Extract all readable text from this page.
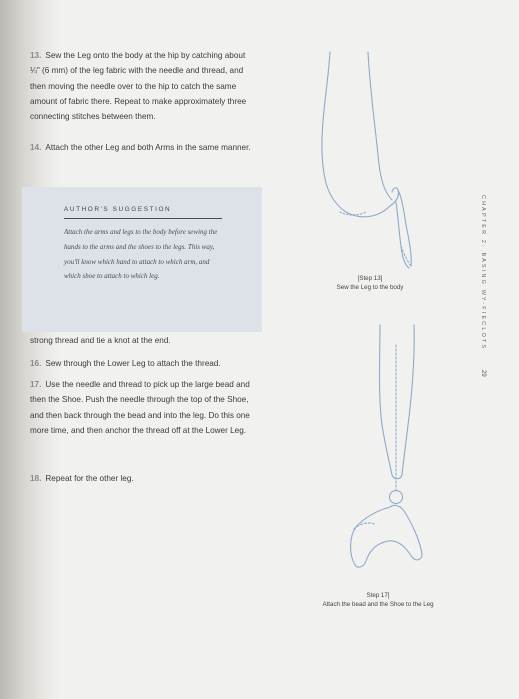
13. Sew the Leg onto the body at the hip by catching about ¼" (6 mm) of the leg fabric with the needle and thread, and then moving the needle over to the hip to catch the same amount of fabric there. Repeat to make approximately three connecting stitches between them.

14. Attach the other Leg and both Arms in the same manner.

strong thread and tie a knot at the end.

16. Sew through the Lower Leg to attach the thread.

17. Use the needle and thread to pick up the large bead and then the Shoe. Push the needle through the top of the Shoe, and then back through the bead and into the leg. Do this one more time, and then anchor the thread off at the Lower Leg.

18. Repeat for the other leg.

AUTHOR'S SUGGESTION
Attach the arms and legs to the body before sewing the hands to the arms and the shoes to the legs. This way, you'll know which hand to attach to which arm, and which shoe to attach to which leg.	[Step 13]
Sew the Leg to the body
Step 17]
Attach the bead and the Shoe to the Leg
CHAPTER 2: BASING WY-FIECLOTS
29
